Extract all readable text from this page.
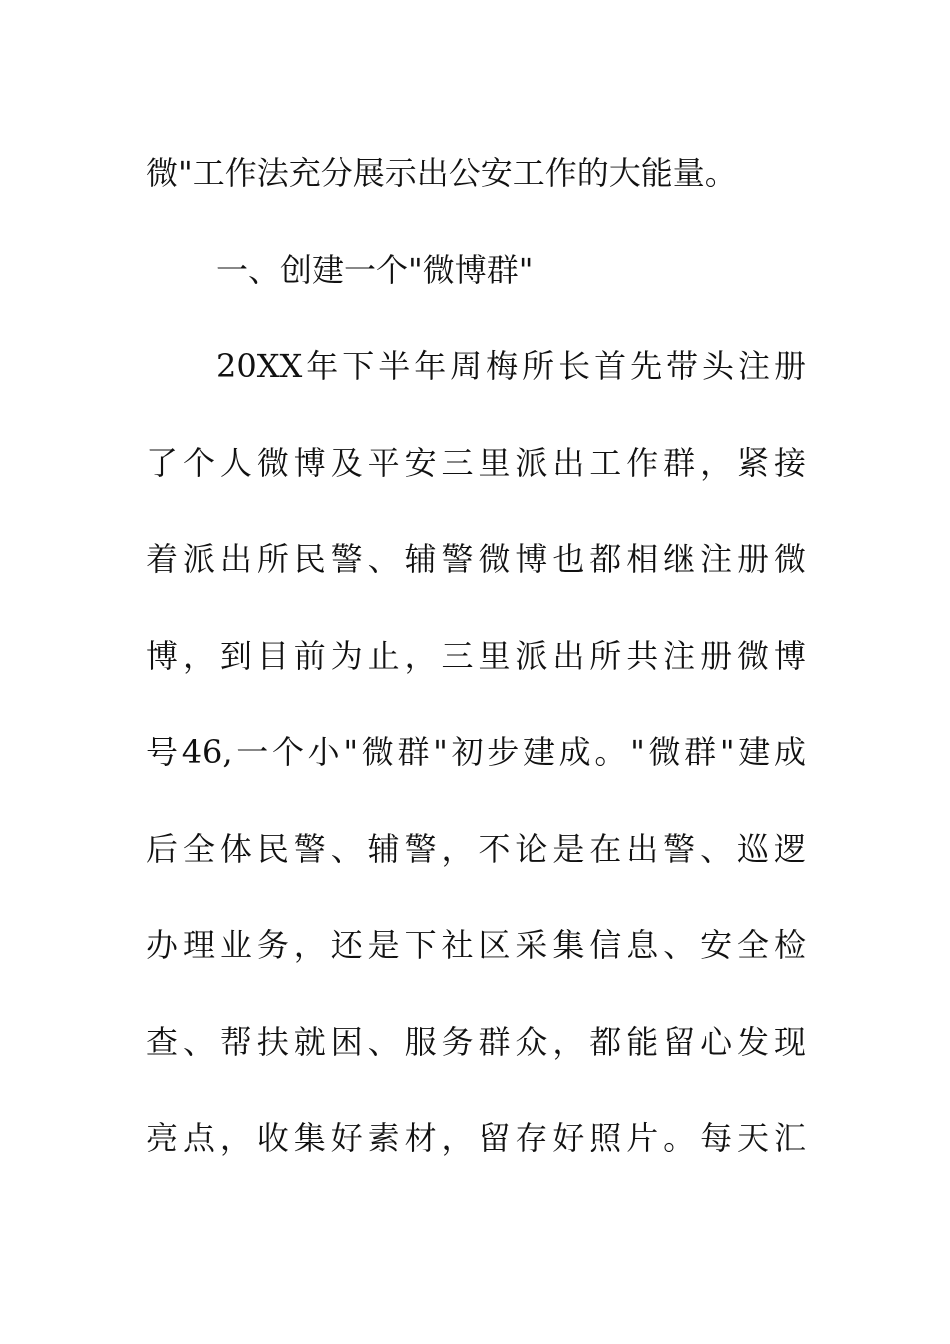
微"工作法充分展示出公安工作的大能量。
一、创建一个"微博群"
20XX年下半年周梅所长首先带头注册
了个人微博及平安三里派出工作群，紧接
着派出所民警、辅警微博也都相继注册微
博，到目前为止，三里派出所共注册微博
号46,一个小"微群"初步建成。"微群"建成
后全体民警、辅警，不论是在出警、巡逻
办理业务，还是下社区采集信息、安全检
查、帮扶就困、服务群众，都能留心发现
亮点，收集好素材，留存好照片。每天汇
